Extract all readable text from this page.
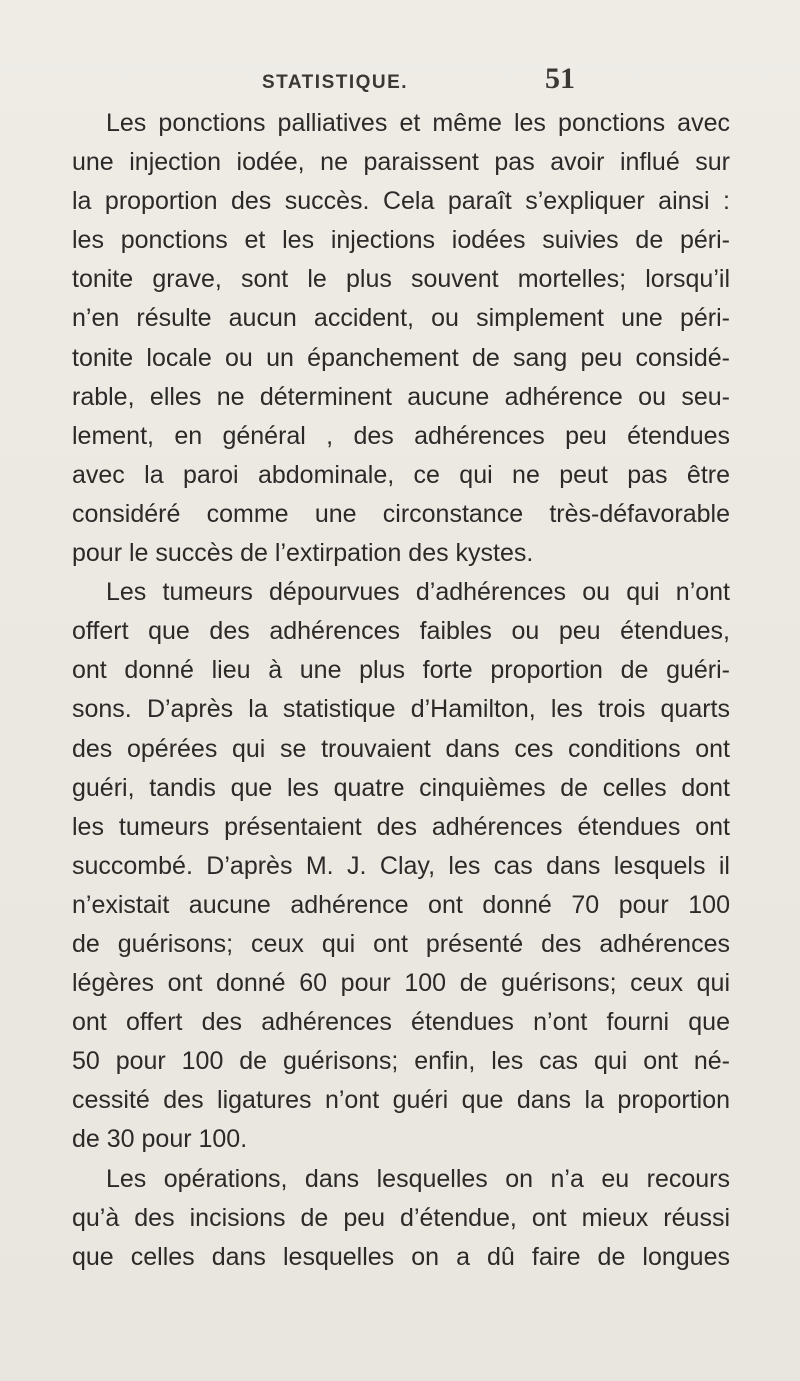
STATISTIQUE.	51
Les ponctions palliatives et même les ponctions avec
une injection iodée, ne paraissent pas avoir influé sur
la proportion des succès. Cela paraît s’expliquer ainsi :
les ponctions et les injections iodées suivies de péri-
tonite grave, sont le plus souvent mortelles; lorsqu’il
n’en résulte aucun accident, ou simplement une péri-
tonite locale ou un épanchement de sang peu considé-
rable, elles ne déterminent aucune adhérence ou seu-
lement, en général , des adhérences peu étendues
avec la paroi abdominale, ce qui ne peut pas être
considéré comme une circonstance très-défavorable
pour le succès de l’extirpation des kystes.
Les tumeurs dépourvues d’adhérences ou qui n’ont
offert que des adhérences faibles ou peu étendues,
ont donné lieu à une plus forte proportion de guéri-
sons. D’après la statistique d’Hamilton, les trois quarts
des opérées qui se trouvaient dans ces conditions ont
guéri, tandis que les quatre cinquièmes de celles dont
les tumeurs présentaient des adhérences étendues ont
succombé. D’après M. J. Clay, les cas dans lesquels il
n’existait aucune adhérence ont donné 70 pour 100
de guérisons; ceux qui ont présenté des adhérences
légères ont donné 60 pour 100 de guérisons; ceux qui
ont offert des adhérences étendues n’ont fourni que
50 pour 100 de guérisons; enfin, les cas qui ont né-
cessité des ligatures n’ont guéri que dans la proportion
de 30 pour 100.
Les opérations, dans lesquelles on n’a eu recours
qu’à des incisions de peu d’étendue, ont mieux réussi
que celles dans lesquelles on a dû faire de longues
